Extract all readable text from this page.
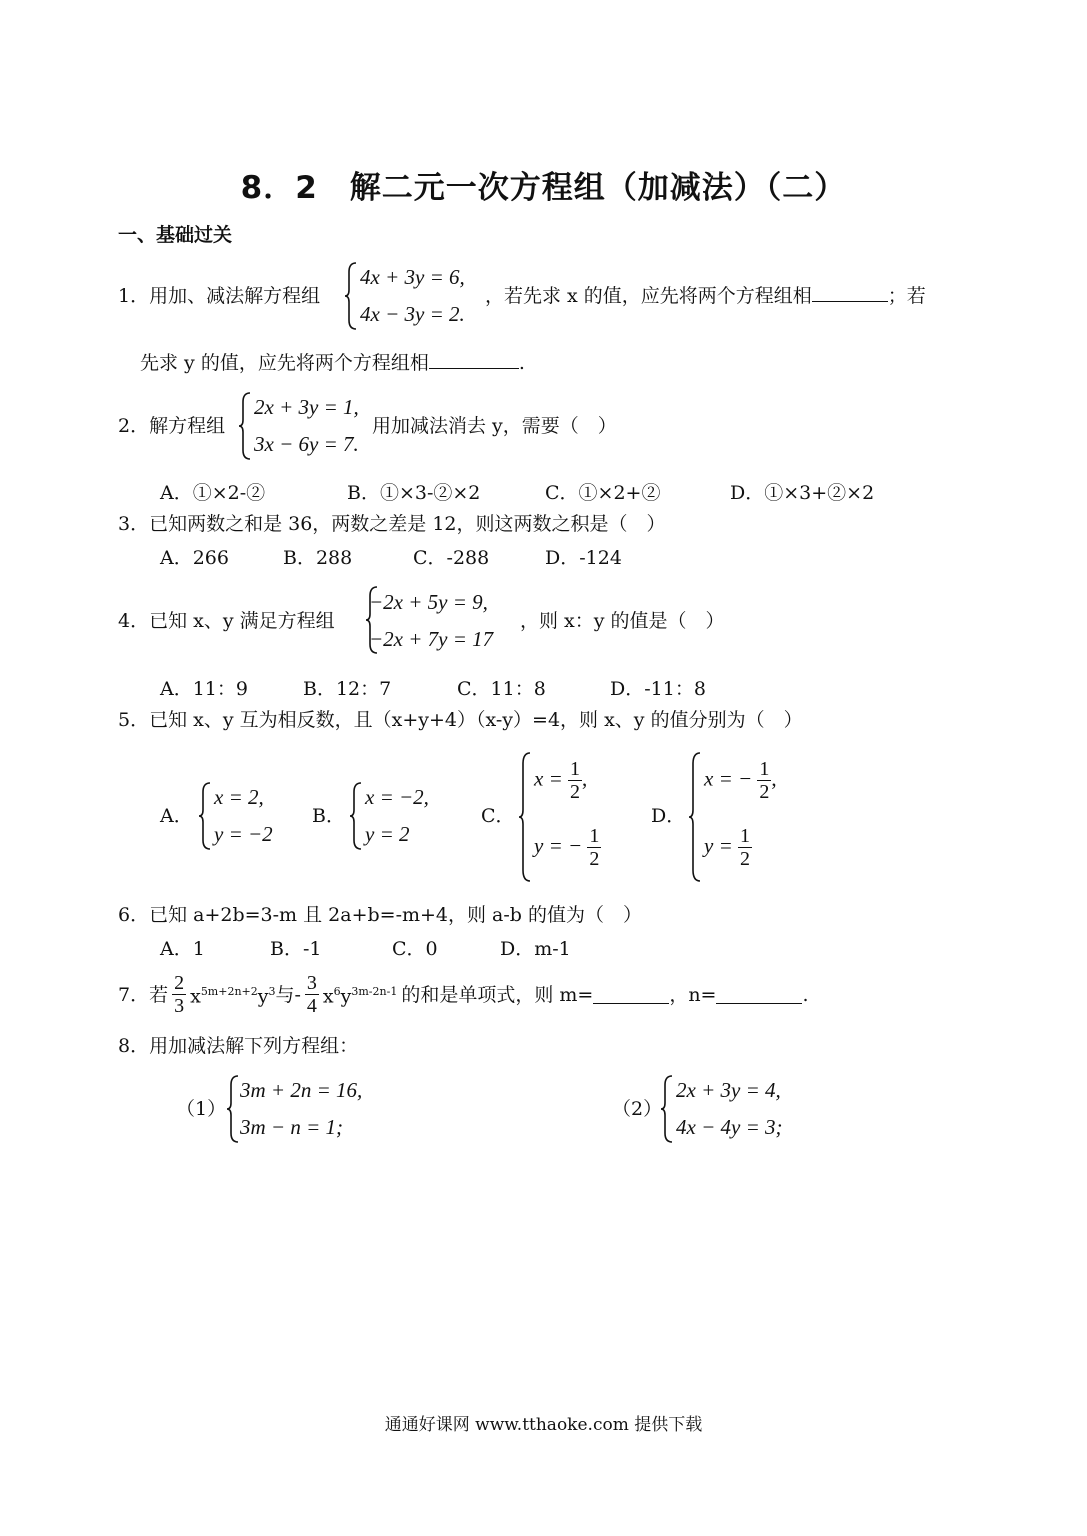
8．2　解二元一次方程组（加减法）（二）
一、基础过关
1．用加、减法解方程组
4x + 3y = 6,
4x − 3y = 2.
，若先求 x 的值，应先将两个方程组相	；若
先求 y 的值，应先将两个方程组相	.
2．解方程组
2x + 3y = 1,
3x − 6y = 7.
用加减法消去 y，需要（　）
A．①×2-②	B．①×3-②×2	C．①×2+②	D．①×3+②×2
3．已知两数之和是 36，两数之差是 12，则这两数之积是（　）
A．266	B．288	C．-288	D．-124
4．已知 x、y 满足方程组
−2x + 5y = 9,
−2x + 7y = 17
，则 x：y 的值是（　）
A．11：9	B．12：7	C．11：8	D．-11：8
5．已知 x、y 互为相反数，且（x+y+4）（x-y）=4，则 x、y 的值分别为（　）
A．
x = 2,
y = −2
B．
x = −2,
y = 2
C．
$x = \frac{1}{2}$ ,
y = − $\frac{1}{2}$
D．
x = − $\frac{1}{2}$ ,
$y = \frac{1}{2}$
6．已知 a+2b=3-m 且 2a+b=-m+4，则 a-b 的值为（　）
A．1	B．-1	C．0	D．m-1
7．若 $\frac{2}{3} x^{5m+2n+2}y^3$ 与- $\frac{3}{4} x^6y^{3m-2n-1}$ 的和是单项式，则 m=	，n=	.
8．用加减法解下列方程组：
（1）
3m + 2n = 16,
3m − n = 1;
（2）
2x + 3y = 4,
4x − 4y = 3;
通通好课网 www.tthaoke.com 提供下载
